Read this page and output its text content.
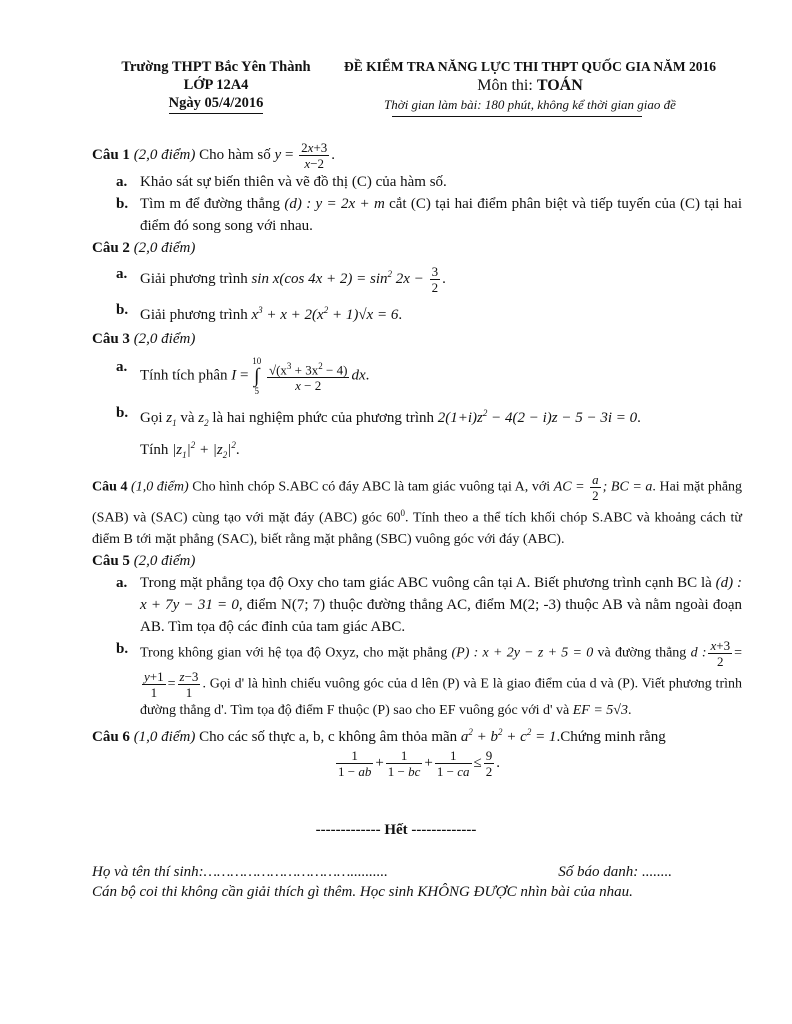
Trường THPT Bắc Yên Thành
LỚP 12A4
Ngày 05/4/2016
ĐỀ KIỂM TRA NĂNG LỰC THI THPT QUỐC GIA NĂM 2016
Môn thi: TOÁN
Thời gian làm bài: 180 phút, không kể thời gian giao đề
Câu 1 (2,0 điểm) Cho hàm số $y = \frac{2x+3}{x-2}$ .
a. Khảo sát sự biến thiên và vẽ đồ thị (C) của hàm số.
b. Tìm m để đường thẳng (d) : y = 2x + m cắt (C) tại hai điểm phân biệt và tiếp tuyến của (C) tại hai điểm đó song song với nhau.
Câu 2 (2,0 điểm)
a. Giải phương trình sin x(cos $4x + 2) = \sin^2 2x - \frac{3}{2}$ .
b. Giải phương trình $x^3 + x + 2(x^2 + 1)√x = 6$.
Câu 3 (2,0 điểm)
a.
Tính tích phân I =
10
∫
5
$\frac{√(x^3 + 3x^2 - 4)}{x - 2}$ dx.
b. Gọi $z_1$ và $z_2$ là hai nghiệm phức của phương trình $2(1+i)z^2 - 4(2 - i)z - 5 - 3i = 0$.
Tính $|z_1|^2 + |z_2|^2$.
Câu 4 (1,0 điểm) Cho hình chóp S.ABC có đáy ABC là tam giác vuông tại A, với AC = $\frac{a}{2}$ ; BC = a. Hai mặt phẳng (SAB) và (SAC) cùng tạo với mặt đáy (ABC) góc $60^0$. Tính theo a thể tích khối chóp S.ABC và khoảng cách từ điểm B tới mặt phẳng (SAC), biết rằng mặt phẳng (SBC) vuông góc với đáy (ABC).
Câu 5 (2,0 điểm)
a. Trong mặt phẳng tọa độ Oxy cho tam giác ABC vuông cân tại A. Biết phương trình cạnh BC là (d) : x + 7y − 31 = 0, điểm N(7; 7) thuộc đường thẳng AC, điểm M(2; -3) thuộc AB và nằm ngoài đoạn AB. Tìm tọa độ các đỉnh của tam giác ABC.
b. Trong không gian với hệ tọa độ Oxyz, cho mặt phẳng (P) : x + 2y − z + 5 = 0 và đường thẳng d : $\frac{x+3}{2}$ =
$\frac{y+1}{1} = \frac{z-3}{1}$ . Gọi d' là hình chiếu vuông góc của d lên (P) và E là giao điểm của d và (P). Viết phương trình đường thẳng d'. Tìm tọa độ điểm F thuộc (P) sao cho EF vuông góc với d' và EF = 5√3.
Câu 6 (1,0 điểm) Cho các số thực a, b, c không âm thỏa mãn $a^2 + b^2 + c^2$ = 1.Chứng minh rằng
$\frac{1}{1 - ab} + \frac{1}{1 - bc} + \frac{1}{1 - ca} \le \frac{9}{2}$ .
------------- Hết -------------
Họ và tên thí sinh:……………………………..........	Số báo danh: ........
Cán bộ coi thi không cần giải thích gì thêm. Học sinh KHÔNG ĐƯỢC nhìn bài của nhau.
